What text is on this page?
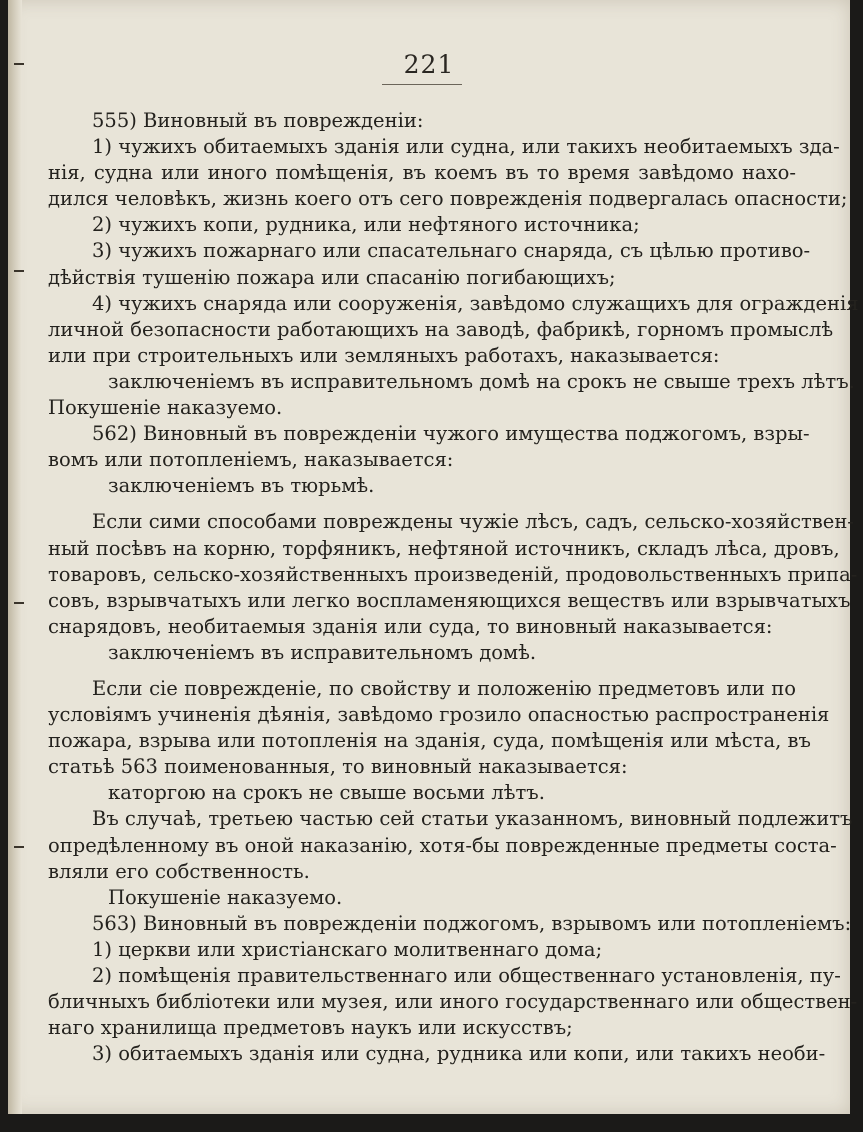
221
555) Виновный въ поврежденіи:
1) чужихъ обитаемыхъ зданія или судна, или такихъ необитаемыхъ зда-
нія, судна или иного помѣщенія, въ коемъ въ то время завѣдомо нахо-
дился человѣкъ, жизнь коего отъ сего поврежденія подвергалась опасности;
2) чужихъ копи, рудника, или нефтяного источника;
3) чужихъ пожарнаго или спасательнаго снаряда, съ цѣлью противо-
дѣйствія тушенію пожара или спасанію погибающихъ;
4) чужихъ снаряда или сооруженія, завѣдомо служащихъ для огражденія
личной безопасности работающихъ на заводѣ, фабрикѣ, горномъ промыслѣ
или при строительныхъ или земляныхъ работахъ, наказывается:
заключеніемъ въ исправительномъ домѣ на срокъ не свыше трехъ лѣтъ.
Покушеніе наказуемо.
562) Виновный въ поврежденіи чужого имущества поджогомъ, взры-
вомъ или потопленіемъ, наказывается:
заключеніемъ въ тюрьмѣ.
Если сими способами повреждены чужіе лѣсъ, садъ, сельско-хозяйствен-
ный посѣвъ на корню, торфяникъ, нефтяной источникъ, складъ лѣса, дровъ,
товаровъ, сельско-хозяйственныхъ произведеній, продовольственныхъ припа-
совъ, взрывчатыхъ или легко воспламеняющихся веществъ или взрывчатыхъ
снарядовъ, необитаемыя зданія или суда, то виновный наказывается:
заключеніемъ въ исправительномъ домѣ.
Если сіе поврежденіе, по свойству и положенію предметовъ или по
условіямъ учиненія дѣянія, завѣдомо грозило опасностью распространенія
пожара, взрыва или потопленія на зданія, суда, помѣщенія или мѣста, въ
статьѣ 563 поименованныя, то виновный наказывается:
каторгою на срокъ не свыше восьми лѣтъ.
Въ случаѣ, третьею частью сей статьи указанномъ, виновный подлежитъ
опредѣленному въ оной наказанію, хотя-бы поврежденные предметы соста-
вляли его собственность.
Покушеніе наказуемо.
563) Виновный въ поврежденіи поджогомъ, взрывомъ или потопленіемъ:
1) церкви или христіанскаго молитвеннаго дома;
2) помѣщенія правительственнаго или общественнаго установленія, пу-
бличныхъ библіотеки или музея, или иного государственнаго или обществен-
наго хранилища предметовъ наукъ или искусствъ;
3) обитаемыхъ зданія или судна, рудника или копи, или такихъ необи-
